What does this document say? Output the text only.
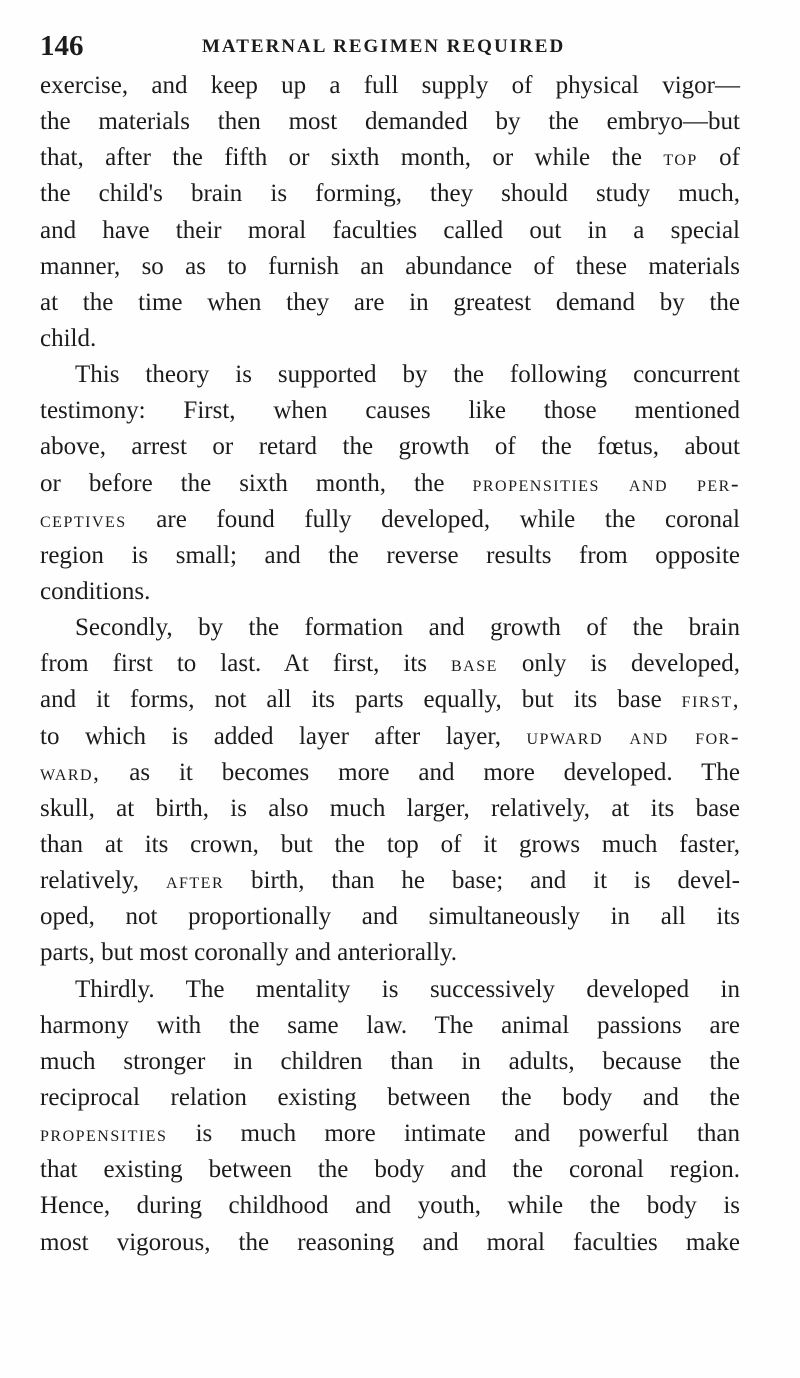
146	MATERNAL REGIMEN REQUIRED
exercise, and keep up a full supply of physical vigor—
the materials then most demanded by the embryo—but
that, after the fifth or sixth month, or while the top of
the child's brain is forming, they should study much,
and have their moral faculties called out in a special
manner, so as to furnish an abundance of these materials
at the time when they are in greatest demand by the
child.
This theory is supported by the following concurrent
testimony: First, when causes like those mentioned
above, arrest or retard the growth of the fœtus, about
or before the sixth month, the propensities and per-
ceptives are found fully developed, while the coronal
region is small; and the reverse results from opposite
conditions.
Secondly, by the formation and growth of the brain
from first to last. At first, its base only is developed,
and it forms, not all its parts equally, but its base first,
to which is added layer after layer, upward and for-
ward, as it becomes more and more developed. The
skull, at birth, is also much larger, relatively, at its base
than at its crown, but the top of it grows much faster,
relatively, after birth, than he base; and it is devel-
oped, not proportionally and simultaneously in all its
parts, but most coronally and anteriorally.
Thirdly. The mentality is successively developed in
harmony with the same law. The animal passions are
much stronger in children than in adults, because the
reciprocal relation existing between the body and the
propensities is much more intimate and powerful than
that existing between the body and the coronal region.
Hence, during childhood and youth, while the body is
most vigorous, the reasoning and moral faculties make
